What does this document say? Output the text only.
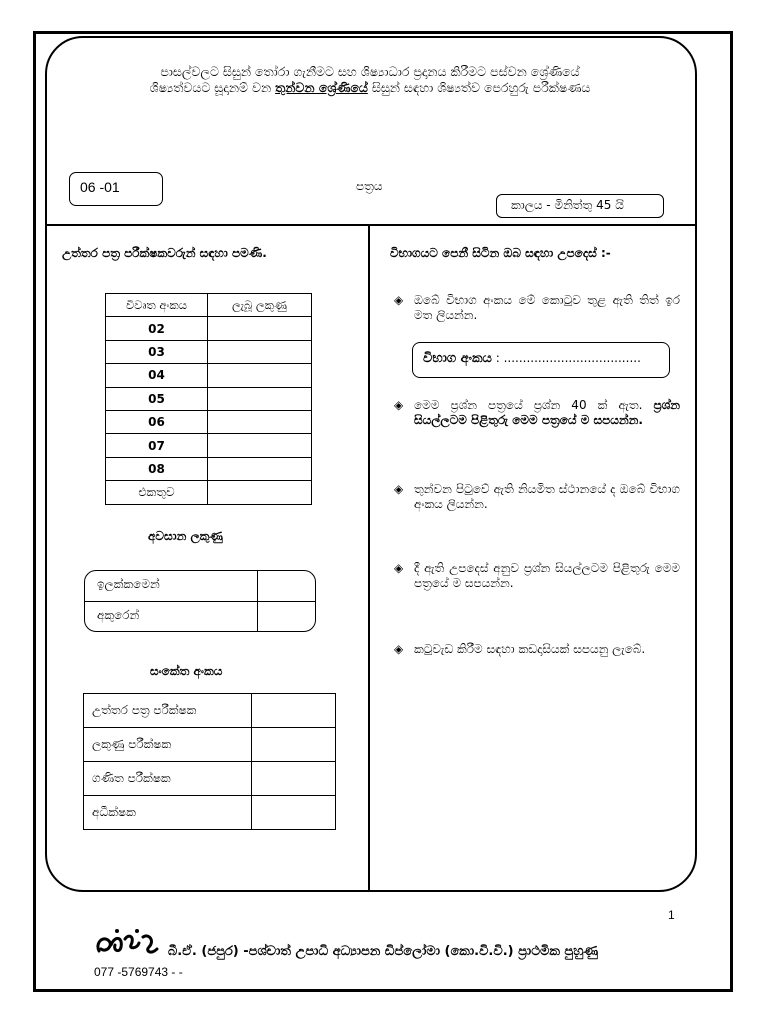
පාසල්වලට සිසුන් තෝරා ගැනීමට සහ ශිෂ්‍යාධාර ප්‍රදානය කිරීමට පස්වන ශ්‍රේණියේ
ශිෂ්‍යත්වයට සූදානම් වන තුන්වන ශ්‍රේණියේ සිසුන් සඳහා ශිෂ්‍යත්ව පෙරහුරු පරීක්ෂණය
06 -01	පත්‍රය
කාලය - මිනිත්තු 45 යි
උත්තර පත්‍ර පරීක්ෂකවරුන් සඳහා පමණි.	විභාගයට පෙනී සිටින ඔබ සඳහා උපදෙස් :-
විවෘත අංකය	ලැබූ ලකුණු
02	
03	
04	
05	
06	
07	
08	
එකතුව	
අවසාන ලකුණු
ඉලක්කමෙන්
අකුරෙන්
සංකේත අංකය
උත්තර පත්‍ර පරීක්ෂක	
ලකුණු පරීක්ෂක	
ගණිත පරීක්ෂක	
අධීක්ෂක	
◈ ඔබේ විභාග අංකය මේ කොටුව තුළ ඇති තිත් ඉර මත ලියන්න.
විභාග අංකය : ....................................
◈ මෙම ප්‍රශ්න පත්‍රයේ ප්‍රශ්න 40 ක් ඇත. ප්‍රශ්න සියල්ලටම පිළිතුරු මෙම පත්‍රයේ ම සපයන්න.
◈ තුන්වන පිටුවේ ඇති නියමිත ස්ථානයේ ද ඔබේ විභාග අංකය ලියන්න.
◈ දී ඇති උපදෙස් අනුව ප්‍රශ්න සියල්ලටම පිළිතුරු මෙම පත්‍රයේ ම සපයන්න.
◈ කටුවැඩ කිරීම සඳහා කඩදාසියක් සපයනු ලැබේ.
1
බී.ඒ. (ජපුර) -පශ්චාත් උපාධි අධ්‍යාපන ඩිප්ලෝමා (කො.වි.වි.) ප්‍රාථමික පුහුණු
077 -5769743 - -
